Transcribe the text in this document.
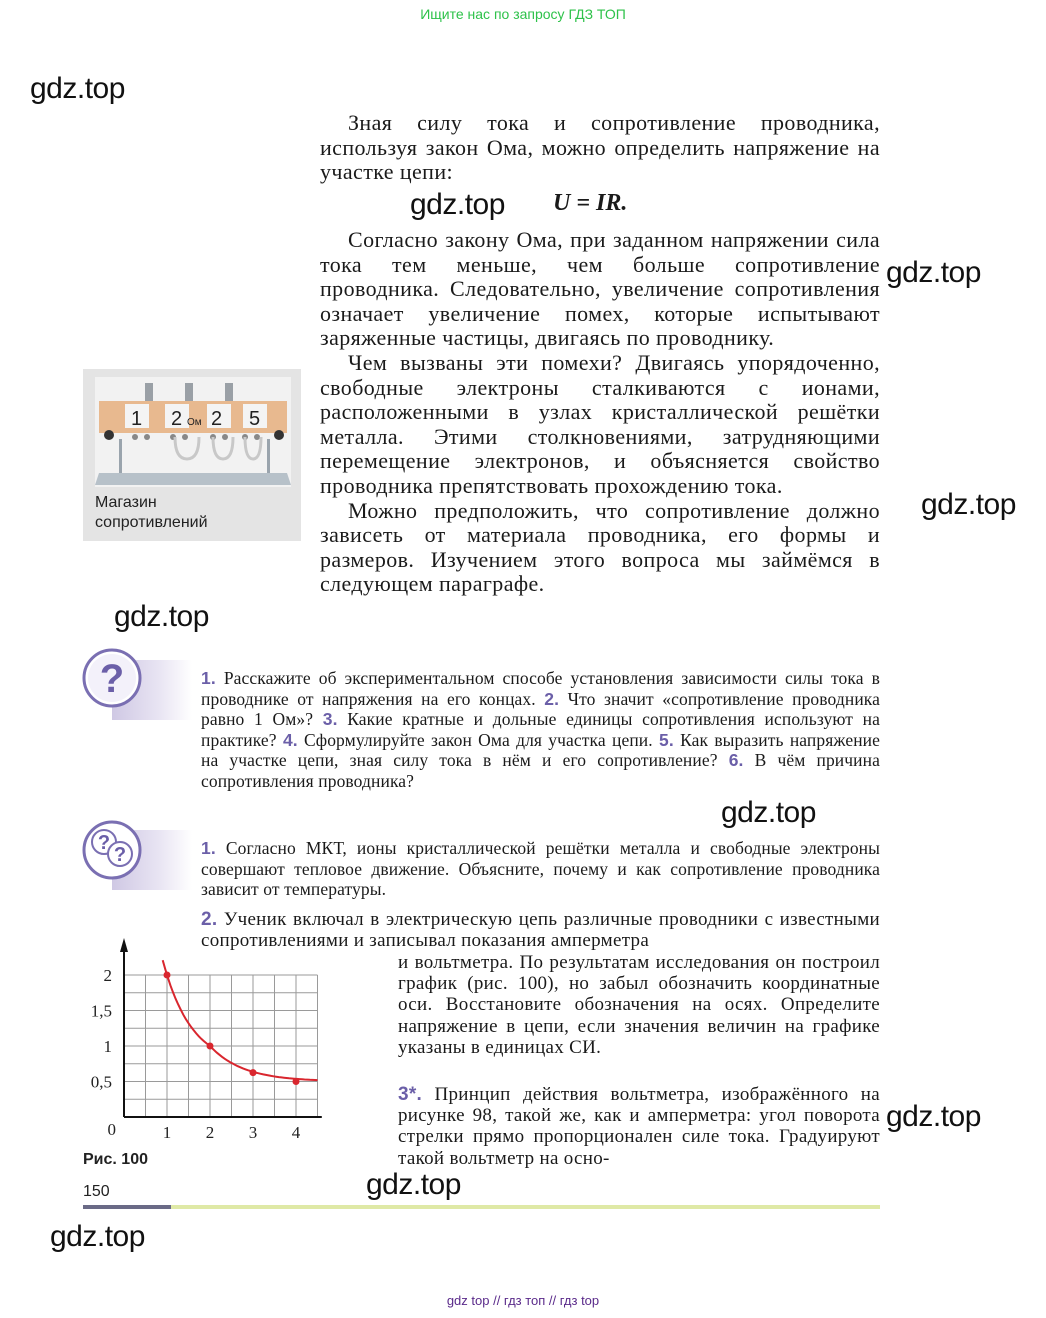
Ищите нас по запросу ГДЗ ТОП
gdz.top
gdz.top
gdz.top
gdz.top
gdz.top
gdz.top
gdz.top
gdz.top
gdz.top

Зная силу тока и сопротивление проводника, используя закон Ома, можно определить напряжение на участке цепи:

U = IR.

Согласно закону Ома, при заданном напряжении сила тока тем меньше, чем больше сопротивление проводника. Следовательно, увеличение сопротивления означает увеличение помех, которые испытывают заряженные частицы, двигаясь по проводнику.

Чем вызваны эти помехи? Двигаясь упорядоченно, свободные электроны сталкиваются с ионами, расположенными в узлах кристаллической решётки металла. Этими столкновениями, затрудняющими перемещение электронов, и объясняется свойство проводника препятствовать прохождению тока.

Можно предположить, что сопротивление должно зависеть от материала проводника, его формы и размеров. Изучением этого вопроса мы займёмся в следующем параграфе.

1 2 Ом 2 5
Магазин
сопротивлений
?	1. Расскажите об экспериментальном способе установления зависимости силы тока в проводнике от напряжения на его концах. 2. Что значит «сопротивление проводника равно 1 Ом»? 3. Какие кратные и дольные единицы сопротивления используют на практике? 4. Сформулируйте закон Ома для участка цепи. 5. Как выразить напряжение на участке цепи, зная силу тока в нём и его сопротивление? 6. В чём причина сопротивления проводника?

?
?	1. Согласно МКТ, ионы кристаллической решётки металла и свободные электроны совершают тепловое движение. Объясните, почему и как сопротивление проводника зависит от температуры.

2. Ученик включал в электрическую цепь различные проводники с известными сопротивлениями и записывал показания амперметра

и вольтметра. По результатам исследования он построил график (рис. 100), но забыл обозначить координатные оси. Восстановите обозначения на осях. Определите напряжение в цепи, если значения величин на графике указаны в единицах СИ.

3*. Принцип действия вольтметра, изображённого на рисунке 98, такой же, как и амперметра: угол поворота стрелки прямо пропорционален силе тока. Градуируют такой вольтметр на осно-

1 2 3 4
0,5
1
1,5
2
0
Рис. 100
150
gdz top // гдз топ // гдз top
